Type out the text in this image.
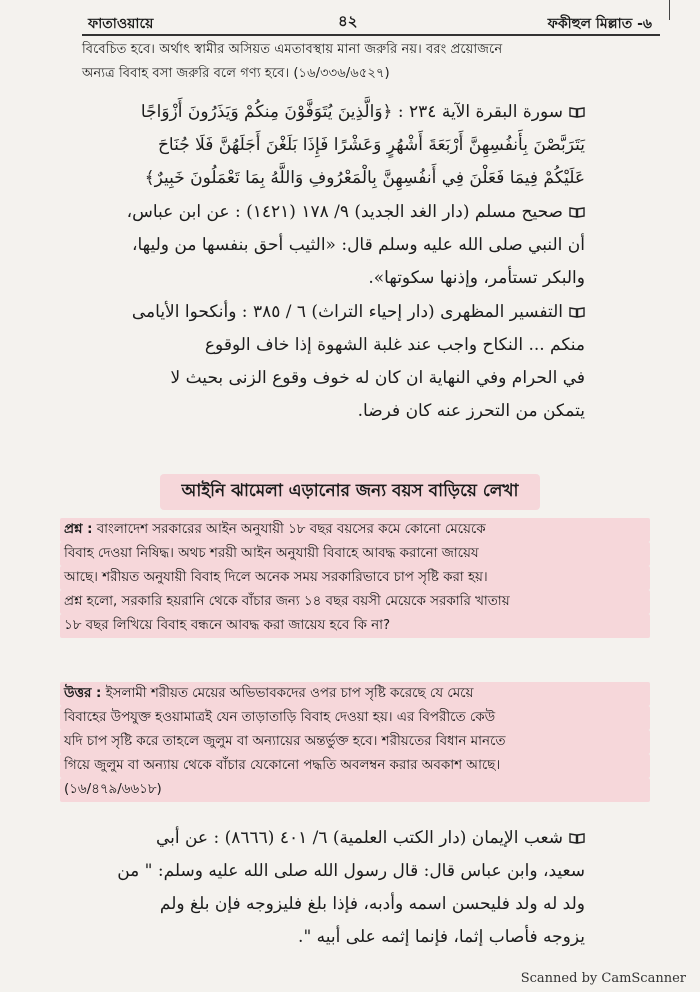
ফাতাওয়ায়ে	৪২	ফকীহুল মিল্লাত -৬
বিবেচিত হবে। অর্থাৎ স্বামীর অসিয়ত এমতাবস্থায় মানা জরুরি নয়। বরং প্রয়োজনে
অন্যত্র বিবাহ বসা জরুরি বলে গণ্য হবে। (১৬/৩৩৬/৬৫২৭)
سورة البقرة الآية ٢٣٤ : ﴿وَالَّذِينَ يُتَوَفَّوْنَ مِنكُمْ وَيَذَرُونَ أَزْوَاجًا
يَتَرَبَّصْنَ بِأَنفُسِهِنَّ أَرْبَعَةَ أَشْهُرٍ وَعَشْرًا فَإِذَا بَلَغْنَ أَجَلَهُنَّ فَلَا جُنَاحَ
عَلَيْكُمْ فِيمَا فَعَلْنَ فِي أَنفُسِهِنَّ بِالْمَعْرُوفِ وَاللَّهُ بِمَا تَعْمَلُونَ خَبِيرٌ﴾
صحيح مسلم (دار الغد الجديد) ٩/ ١٧٨ (١٤٢١) : عن ابن عباس،
أن النبي صلى الله عليه وسلم قال: «الثيب أحق بنفسها من وليها،
والبكر تستأمر، وإذنها سكوتها».
التفسير المظهرى (دار إحياء التراث) ٦ / ٣٨٥ : وأنكحوا الأيامى
منكم ... النكاح واجب عند غلبة الشهوة إذا خاف الوقوع
في الحرام وفي النهاية ان كان له خوف وقوع الزنى بحيث لا
يتمكن من التحرز عنه كان فرضا.
আইনি ঝামেলা এড়ানোর জন্য বয়স বাড়িয়ে লেখা
প্রশ্ন : বাংলাদেশ সরকারের আইন অনুযায়ী ১৮ বছর বয়সের কমে কোনো মেয়েকে
বিবাহ দেওয়া নিষিদ্ধ। অথচ শরয়ী আইন অনুযায়ী বিবাহে আবদ্ধ করানো জায়েয
আছে। শরীয়ত অনুযায়ী বিবাহ দিলে অনেক সময় সরকারিভাবে চাপ সৃষ্টি করা হয়।
প্রশ্ন হলো, সরকারি হয়রানি থেকে বাঁচার জন্য ১৪ বছর বয়সী মেয়েকে সরকারি খাতায়
১৮ বছর লিখিয়ে বিবাহ বন্ধনে আবদ্ধ করা জায়েয হবে কি না?
উত্তর : ইসলামী শরীয়ত মেয়ের অভিভাবকদের ওপর চাপ সৃষ্টি করেছে যে মেয়ে
বিবাহের উপযুক্ত হওয়ামাত্রই যেন তাড়াতাড়ি বিবাহ দেওয়া হয়। এর বিপরীতে কেউ
যদি চাপ সৃষ্টি করে তাহলে জুলুম বা অন্যায়ের অন্তর্ভুক্ত হবে। শরীয়তের বিধান মানতে
গিয়ে জুলুম বা অন্যায় থেকে বাঁচার যেকোনো পদ্ধতি অবলম্বন করার অবকাশ আছে।
(১৬/৪৭৯/৬৬১৮)
شعب الإيمان (دار الكتب العلمية) ٦/ ٤٠١ (٨٦٦٦) : عن أبي
سعيد، وابن عباس قال: قال رسول الله صلى الله عليه وسلم: " من
ولد له ولد فليحسن اسمه وأدبه، فإذا بلغ فليزوجه فإن بلغ ولم
يزوجه فأصاب إثما، فإنما إثمه على أبيه ".
Scanned by CamScanner
